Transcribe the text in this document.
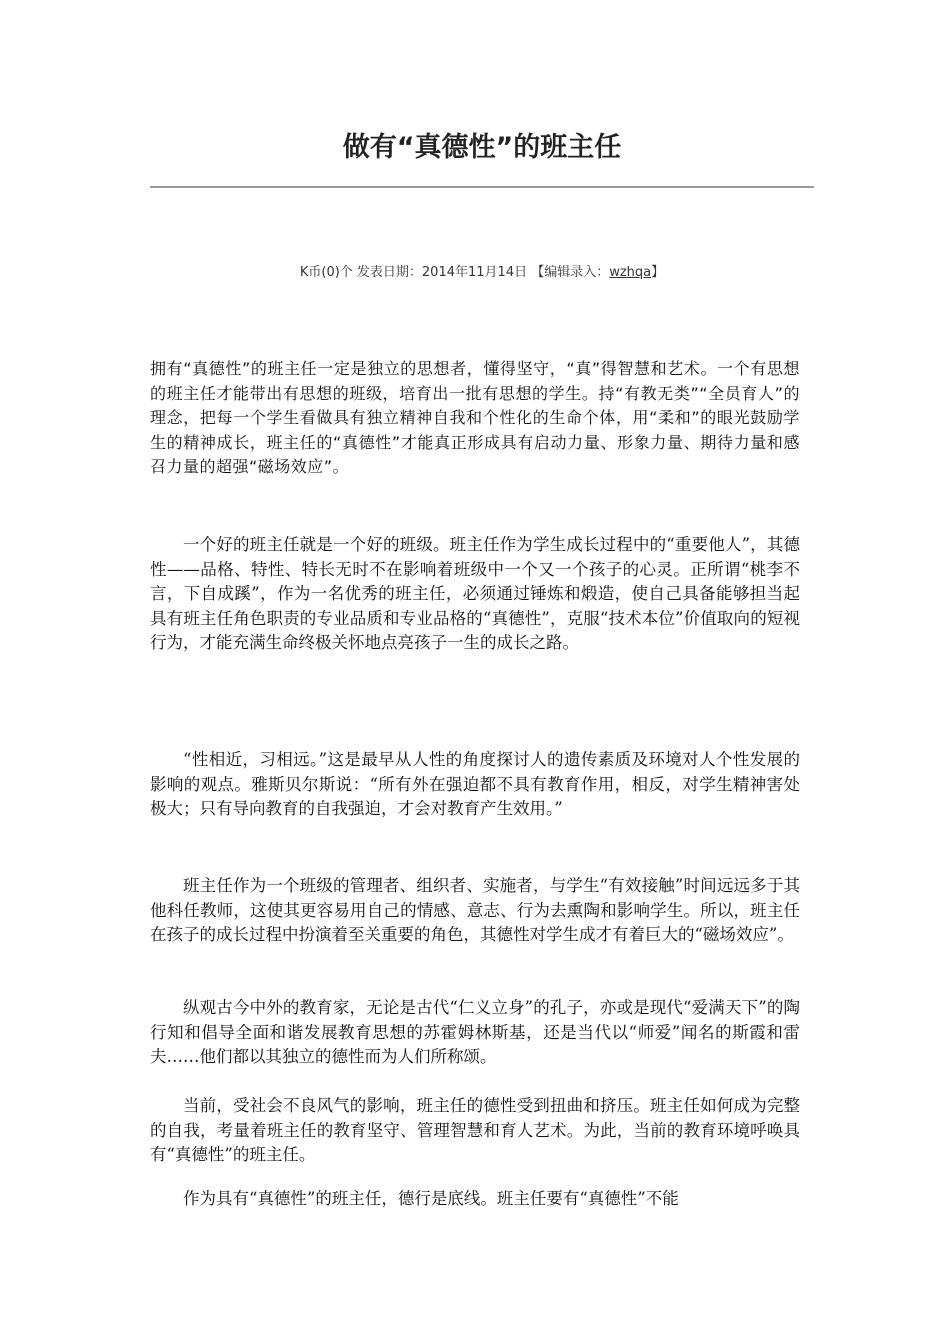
做有“真德性”的班主任
K币(0)个 发表日期：2014年11月14日 【编辑录入：wzhqa】

拥有“真德性”的班主任一定是独立的思想者，懂得坚守，“真”得智慧和艺术。一个有思想的班主任才能带出有思想的班级，培育出一批有思想的学生。持“有教无类”“全员育人”的理念，把每一个学生看做具有独立精神自我和个性化的生命个体，用“柔和”的眼光鼓励学生的精神成长，班主任的“真德性”才能真正形成具有启动力量、形象力量、期待力量和感召力量的超强“磁场效应”。

一个好的班主任就是一个好的班级。班主任作为学生成长过程中的“重要他人”，其德性——品格、特性、特长无时不在影响着班级中一个又一个孩子的心灵。正所谓“桃李不言，下自成蹊”，作为一名优秀的班主任，必须通过锤炼和煅造，使自己具备能够担当起具有班主任角色职责的专业品质和专业品格的“真德性”，克服“技术本位”价值取向的短视行为，才能充满生命终极关怀地点亮孩子一生的成长之路。

“性相近，习相远。”这是最早从人性的角度探讨人的遗传素质及环境对人个性发展的影响的观点。雅斯贝尔斯说：“所有外在强迫都不具有教育作用，相反，对学生精神害处极大；只有导向教育的自我强迫，才会对教育产生效用。”

班主任作为一个班级的管理者、组织者、实施者，与学生“有效接触”时间远远多于其他科任教师，这使其更容易用自己的情感、意志、行为去熏陶和影响学生。所以，班主任在孩子的成长过程中扮演着至关重要的角色，其德性对学生成才有着巨大的“磁场效应”。

纵观古今中外的教育家，无论是古代“仁义立身”的孔子，亦或是现代“爱满天下”的陶行知和倡导全面和谐发展教育思想的苏霍姆林斯基，还是当代以“师爱”闻名的斯霞和雷夫……他们都以其独立的德性而为人们所称颂。

当前，受社会不良风气的影响，班主任的德性受到扭曲和挤压。班主任如何成为完整的自我，考量着班主任的教育坚守、管理智慧和育人艺术。为此，当前的教育环境呼唤具有“真德性”的班主任。

作为具有“真德性”的班主任，德行是底线。班主任要有“真德性”不能
